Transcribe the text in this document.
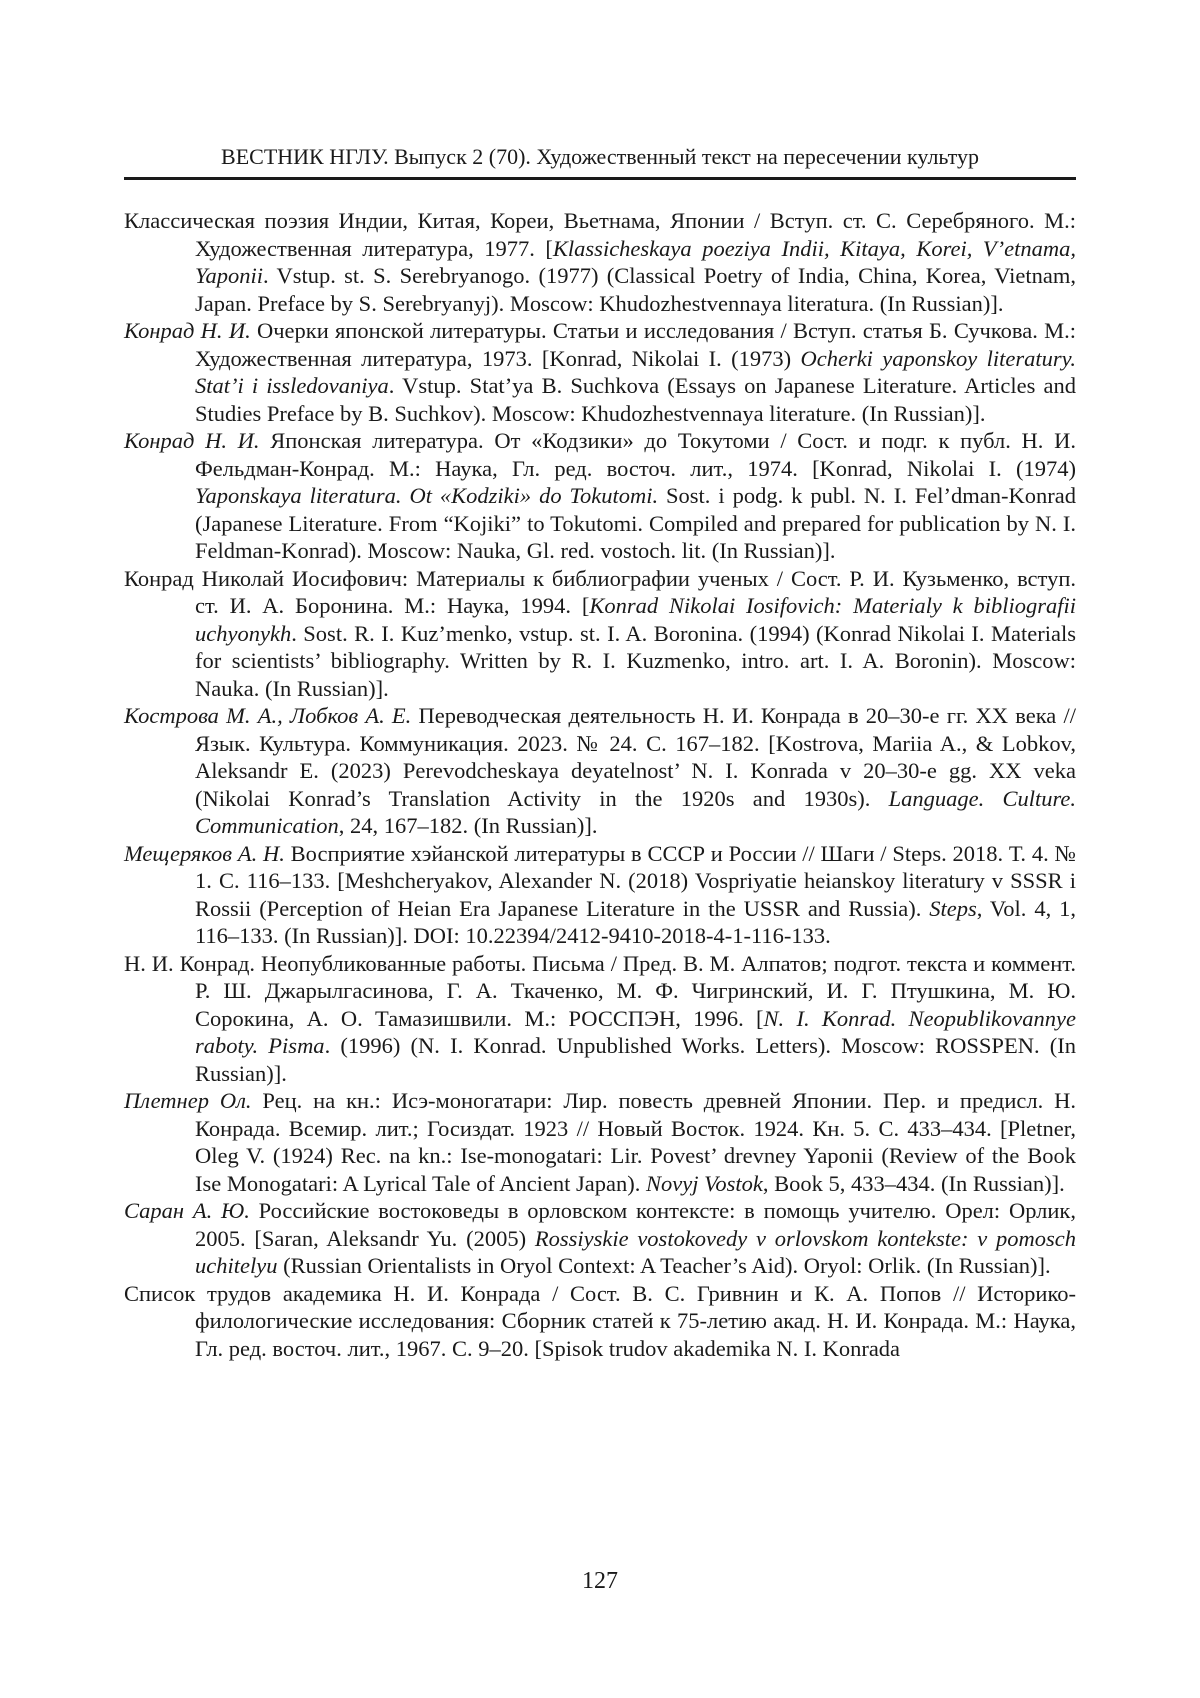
ВЕСТНИК НГЛУ. Выпуск 2 (70). Художественный текст на пересечении культур

Классическая поэзия Индии, Китая, Кореи, Вьетнама, Японии / Вступ. ст. С. Серебряного. М.: Художественная литература, 1977. [Klassicheskaya poeziya Indii, Kitaya, Korei, V’etnama, Yaponii. Vstup. st. S. Serebryanogo. (1977) (Classical Poetry of India, China, Korea, Vietnam, Japan. Preface by S. Serebryanyj). Moscow: Khudozhestvennaya literatura. (In Russian)].

Конрад Н. И. Очерки японской литературы. Статьи и исследования / Вступ. статья Б. Сучкова. М.: Художественная литература, 1973. [Konrad, Nikolai I. (1973) Ocherki yaponskoy literatury. Stat’i i issledovaniya. Vstup. Stat’ya B. Suchkova (Essays on Japanese Literature. Articles and Studies Preface by B. Suchkov). Moscow: Khudozhestvennaya literature. (In Russian)].

Конрад Н. И. Японская литература. От «Кодзики» до Токутоми / Сост. и подг. к публ. Н. И. Фельдман-Конрад. М.: Наука, Гл. ред. восточ. лит., 1974. [Konrad, Nikolai I. (1974) Yaponskaya literatura. Ot «Kodziki» do Tokutomi. Sost. i podg. k publ. N. I. Fel’dman-Konrad (Japanese Literature. From “Kojiki” to Tokutomi. Compiled and prepared for publication by N. I. Feldman-Konrad). Moscow: Nauka, Gl. red. vostoch. lit. (In Russian)].

Конрад Николай Иосифович: Материалы к библиографии ученых / Сост. Р. И. Кузьменко, вступ. ст. И. А. Боронина. М.: Наука, 1994. [Konrad Nikolai Iosifovich: Materialy k bibliografii uchyonykh. Sost. R. I. Kuz’menko, vstup. st. I. A. Boronina. (1994) (Konrad Nikolai I. Materials for scientists’ bibliography. Written by R. I. Kuzmenko, intro. art. I. A. Boronin). Moscow: Nauka. (In Russian)].

Кострова М. А., Лобков А. Е. Переводческая деятельность Н. И. Конрада в 20–30-е гг. XX века // Язык. Культура. Коммуникация. 2023. № 24. С. 167–182. [Kostrova, Mariia A., & Lobkov, Aleksandr E. (2023) Perevodcheskaya deyatelnost’ N. I. Konrada v 20–30-e gg. XX veka (Nikolai Konrad’s Translation Activity in the 1920s and 1930s). Language. Culture. Communication, 24, 167–182. (In Russian)].

Мещеряков А. Н. Восприятие хэйанской литературы в СССР и России // Шаги / Steps. 2018. Т. 4. № 1. С. 116–133. [Meshcheryakov, Alexander N. (2018) Vospriyatie heianskoy literatury v SSSR i Rossii (Perception of Heian Era Japanese Literature in the USSR and Russia). Steps, Vol. 4, 1, 116–133. (In Russian)]. DOI: 10.22394/2412-9410-2018-4-1-116-133.

Н. И. Конрад. Неопубликованные работы. Письма / Пред. В. М. Алпатов; подгот. текста и коммент. Р. Ш. Джарылгасинова, Г. А. Ткаченко, М. Ф. Чигринский, И. Г. Птушкина, М. Ю. Сорокина, А. О. Тамазишвили. М.: РОССПЭН, 1996. [N. I. Konrad. Neopublikovannye raboty. Pisma. (1996) (N. I. Konrad. Unpublished Works. Letters). Moscow: ROSSPEN. (In Russian)].

Плетнер Ол. Рец. на кн.: Исэ-моногатари: Лир. повесть древней Японии. Пер. и предисл. Н. Конрада. Всемир. лит.; Госиздат. 1923 // Новый Восток. 1924. Кн. 5. С. 433–434. [Pletner, Oleg V. (1924) Rec. na kn.: Ise-monogatari: Lir. Povest’ drevney Yaponii (Review of the Book Ise Monogatari: A Lyrical Tale of Ancient Japan). Novyj Vostok, Book 5, 433–434. (In Russian)].

Саран А. Ю. Российские востоковеды в орловском контексте: в помощь учителю. Орел: Орлик, 2005. [Saran, Aleksandr Yu. (2005) Rossiyskie vostokovedy v orlovskom kontekste: v pomosch uchitelyu (Russian Orientalists in Oryol Context: A Teacher’s Aid). Oryol: Orlik. (In Russian)].

Список трудов академика Н. И. Конрада / Сост. В. С. Гривнин и К. А. Попов // Историко-филологические исследования: Сборник статей к 75-летию акад. Н. И. Конрада. М.: Наука, Гл. ред. восточ. лит., 1967. С. 9–20. [Spisok trudov akademika N. I. Konrada

127
